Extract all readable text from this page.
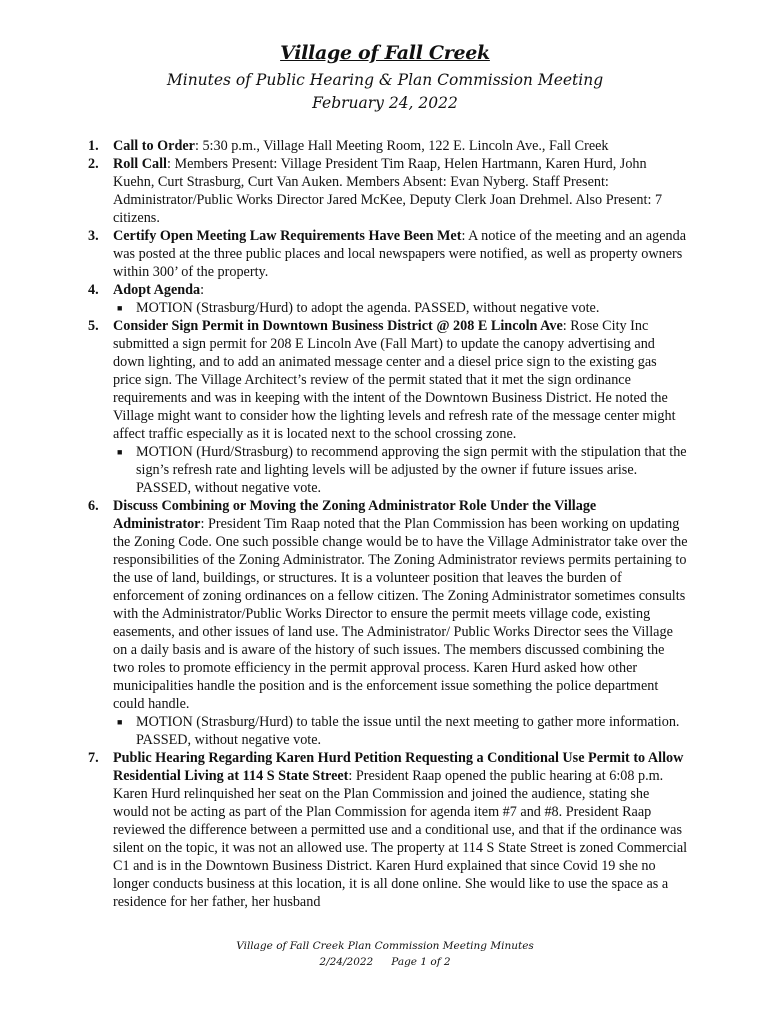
Village of Fall Creek
Minutes of Public Hearing & Plan Commission Meeting
February 24, 2022
1. Call to Order: 5:30 p.m., Village Hall Meeting Room, 122 E. Lincoln Ave., Fall Creek
2. Roll Call: Members Present: Village President Tim Raap, Helen Hartmann, Karen Hurd, John Kuehn, Curt Strasburg, Curt Van Auken. Members Absent: Evan Nyberg. Staff Present: Administrator/Public Works Director Jared McKee, Deputy Clerk Joan Drehmel. Also Present: 7 citizens.
3. Certify Open Meeting Law Requirements Have Been Met: A notice of the meeting and an agenda was posted at the three public places and local newspapers were notified, as well as property owners within 300’ of the property.
4. Adopt Agenda:
■ MOTION (Strasburg/Hurd) to adopt the agenda. PASSED, without negative vote.
5. Consider Sign Permit in Downtown Business District @ 208 E Lincoln Ave: Rose City Inc submitted a sign permit for 208 E Lincoln Ave (Fall Mart) to update the canopy advertising and down lighting, and to add an animated message center and a diesel price sign to the existing gas price sign. The Village Architect’s review of the permit stated that it met the sign ordinance requirements and was in keeping with the intent of the Downtown Business District. He noted the Village might want to consider how the lighting levels and refresh rate of the message center might affect traffic especially as it is located next to the school crossing zone.
■ MOTION (Hurd/Strasburg) to recommend approving the sign permit with the stipulation that the sign’s refresh rate and lighting levels will be adjusted by the owner if future issues arise. PASSED, without negative vote.
6. Discuss Combining or Moving the Zoning Administrator Role Under the Village Administrator: President Tim Raap noted that the Plan Commission has been working on updating the Zoning Code. One such possible change would be to have the Village Administrator take over the responsibilities of the Zoning Administrator. The Zoning Administrator reviews permits pertaining to the use of land, buildings, or structures. It is a volunteer position that leaves the burden of enforcement of zoning ordinances on a fellow citizen. The Zoning Administrator sometimes consults with the Administrator/Public Works Director to ensure the permit meets village code, existing easements, and other issues of land use. The Administrator/ Public Works Director sees the Village on a daily basis and is aware of the history of such issues. The members discussed combining the two roles to promote efficiency in the permit approval process. Karen Hurd asked how other municipalities handle the position and is the enforcement issue something the police department could handle.
■ MOTION (Strasburg/Hurd) to table the issue until the next meeting to gather more information. PASSED, without negative vote.
7. Public Hearing Regarding Karen Hurd Petition Requesting a Conditional Use Permit to Allow Residential Living at 114 S State Street: President Raap opened the public hearing at 6:08 p.m. Karen Hurd relinquished her seat on the Plan Commission and joined the audience, stating she would not be acting as part of the Plan Commission for agenda item #7 and #8. President Raap reviewed the difference between a permitted use and a conditional use, and that if the ordinance was silent on the topic, it was not an allowed use. The property at 114 S State Street is zoned Commercial C1 and is in the Downtown Business District. Karen Hurd explained that since Covid 19 she no longer conducts business at this location, it is all done online. She would like to use the space as a residence for her father, her husband
Village of Fall Creek Plan Commission Meeting Minutes
2/24/2022 Page 1 of 2
